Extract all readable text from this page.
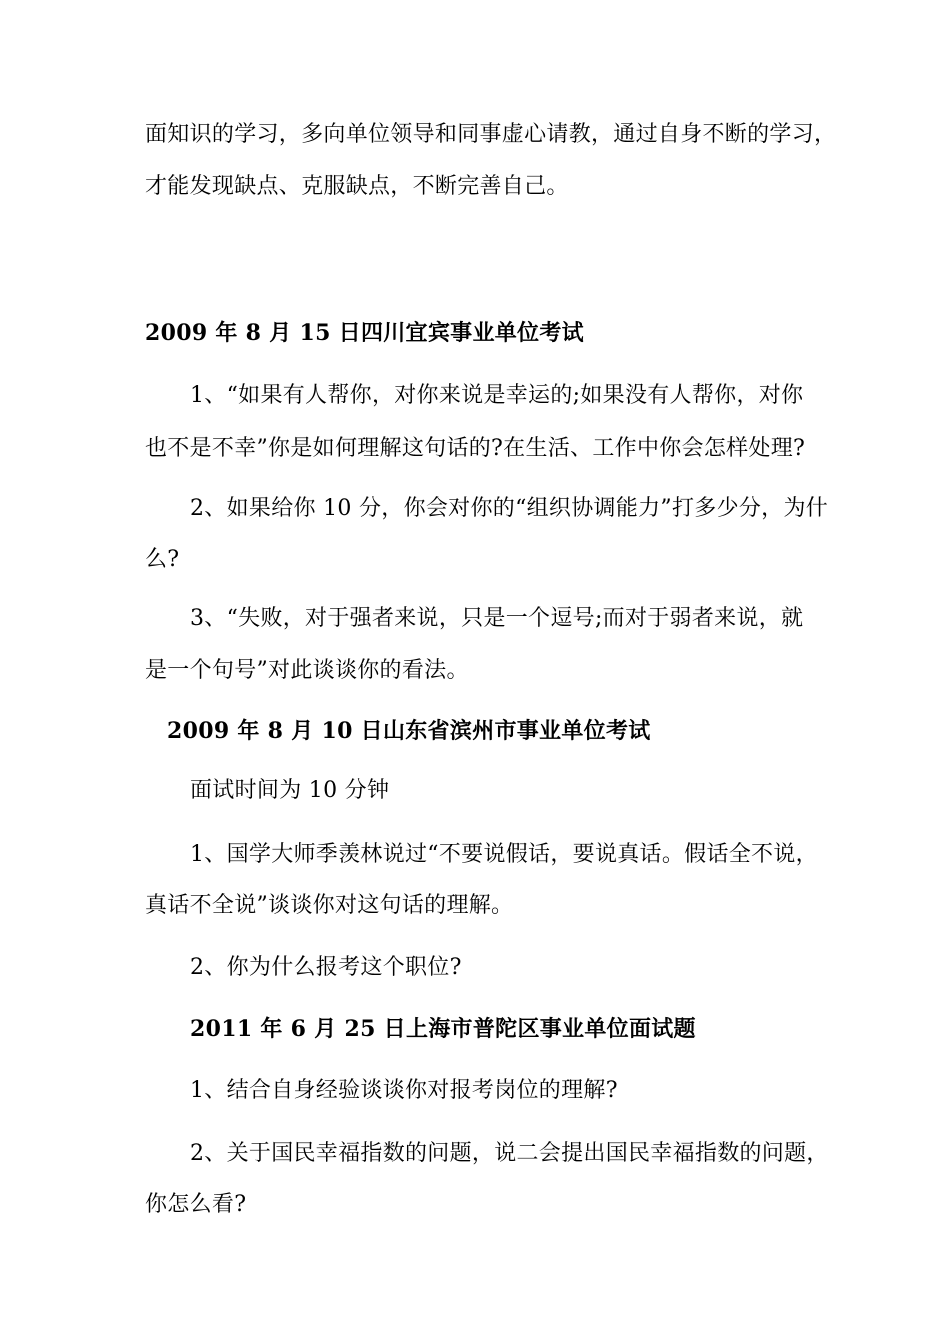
面知识的学习，多向单位领导和同事虚心请教，通过自身不断的学习，
才能发现缺点、克服缺点，不断完善自己。
2009 年 8 月 15 日四川宜宾事业单位考试
1、“如果有人帮你，对你来说是幸运的;如果没有人帮你，对你
也不是不幸”你是如何理解这句话的?在生活、工作中你会怎样处理?
2、如果给你 10 分，你会对你的“组织协调能力”打多少分，为什
么?
3、“失败，对于强者来说，只是一个逗号;而对于弱者来说，就
是一个句号”对此谈谈你的看法。
2009 年 8 月 10 日山东省滨州市事业单位考试
面试时间为 10 分钟
1、国学大师季羡林说过“不要说假话，要说真话。假话全不说，
真话不全说”谈谈你对这句话的理解。
2、你为什么报考这个职位?
2011 年 6 月 25 日上海市普陀区事业单位面试题
1、结合自身经验谈谈你对报考岗位的理解?
2、关于国民幸福指数的问题，说二会提出国民幸福指数的问题，
你怎么看?
